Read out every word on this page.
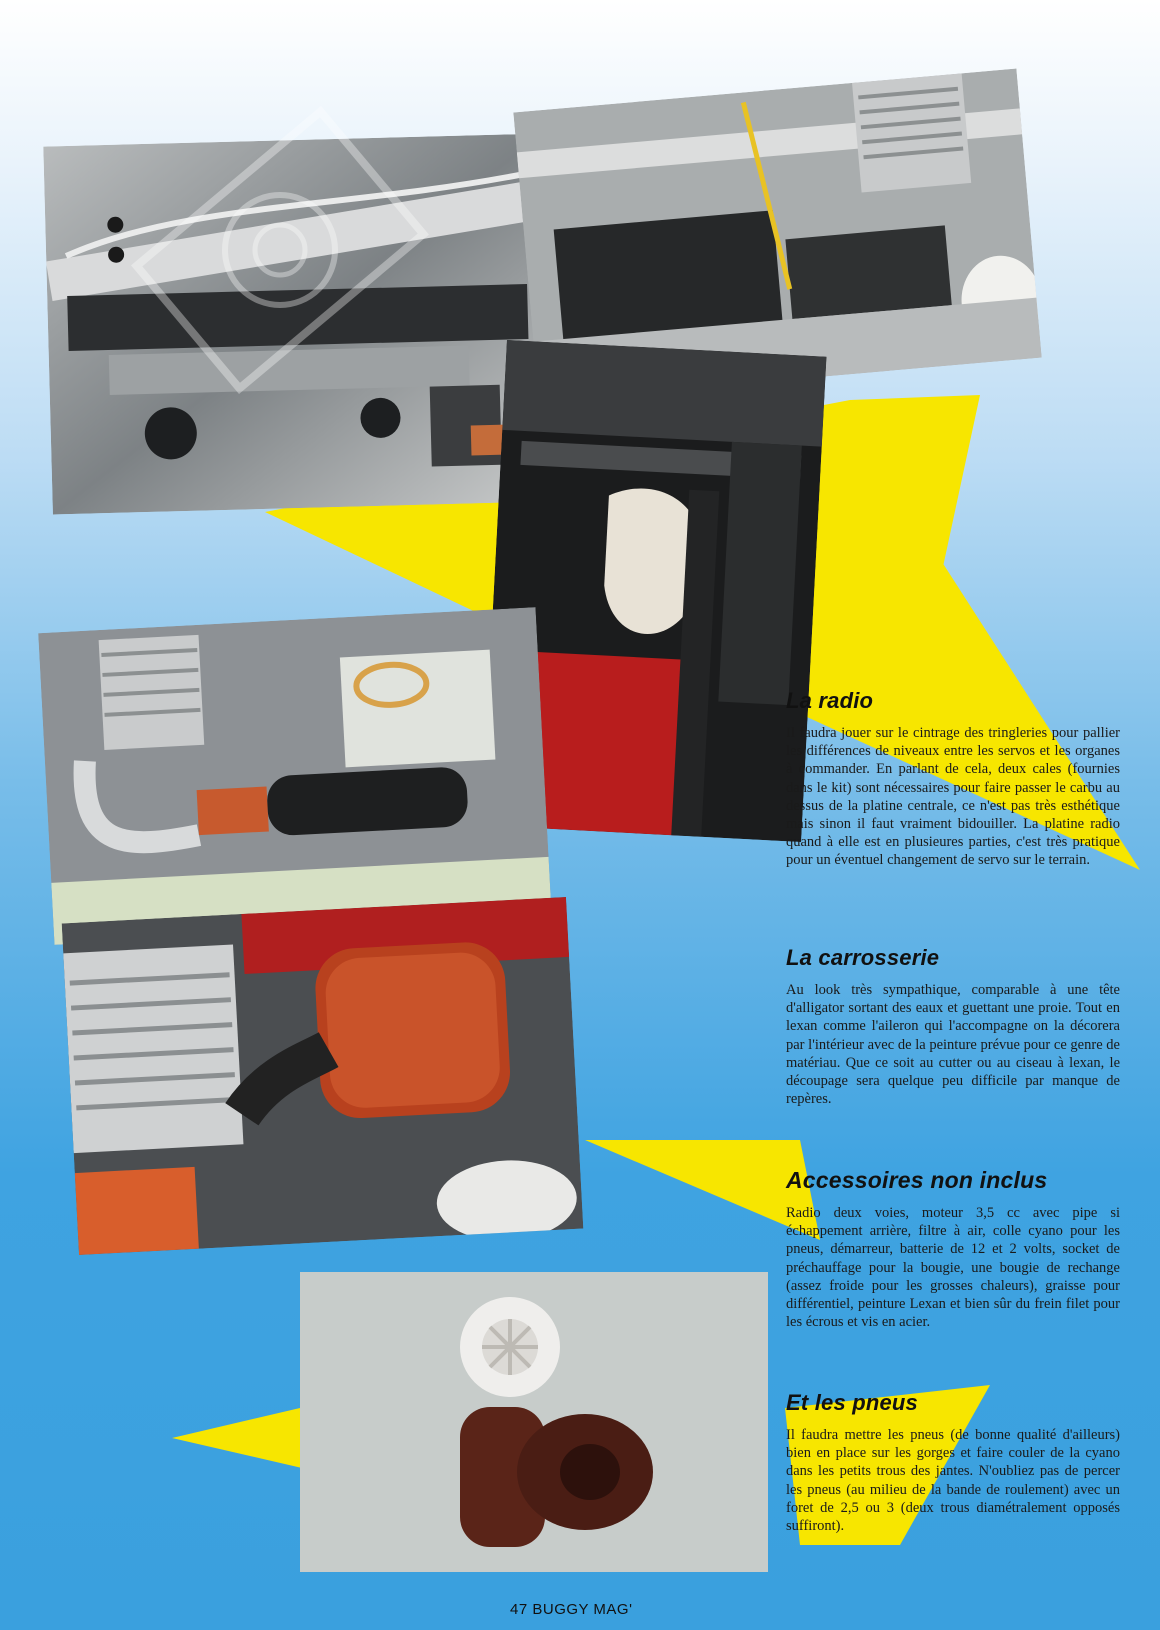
La radio

Il faudra jouer sur le cintrage des tringleries pour pallier les différences de niveaux entre les servos et les organes à commander. En parlant de cela, deux cales (fournies dans le kit) sont nécessaires pour faire passer le carbu au dessus de la platine centrale, ce n'est pas très esthétique mais sinon il faut vraiment bidouiller. La platine radio quand à elle est en plusieures parties, c'est très pratique pour un éventuel changement de servo sur le terrain.

La carrosserie

Au look très sympathique, comparable à une tête d'alligator sortant des eaux et guettant une proie. Tout en lexan comme l'aileron qui l'accompagne on la décorera par l'intérieur avec de la peinture prévue pour ce genre de matériau. Que ce soit au cutter ou au ciseau à lexan, le découpage sera quelque peu difficile par manque de repères.

Accessoires non inclus

Radio deux voies, moteur 3,5 cc avec pipe si échappement arrière, filtre à air, colle cyano pour les pneus, démarreur, batterie de 12 et 2 volts, socket de préchauffage pour la bougie, une bougie de rechange (assez froide pour les grosses chaleurs), graisse pour différentiel, peinture Lexan et bien sûr du frein filet pour les écrous et vis en acier.

Et les pneus

Il faudra mettre les pneus (de bonne qualité d'ailleurs) bien en place sur les gorges et faire couler de la cyano dans les petits trous des jantes. N'oubliez pas de percer les pneus (au milieu de la bande de roulement) avec un foret de 2,5 ou 3 (deux trous diamétralement opposés suffiront).

47 BUGGY MAG'
